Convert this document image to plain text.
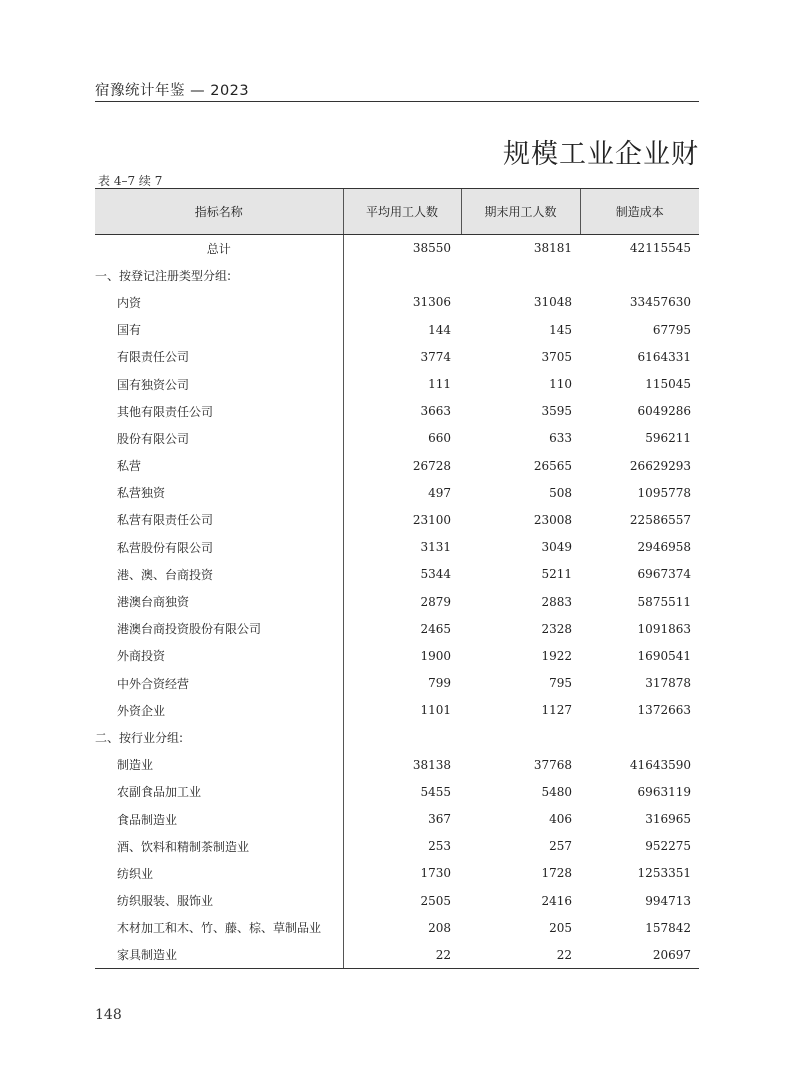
宿豫统计年鉴 — 2023
规模工业企业财
表 4–7 续 7
指标名称	平均用工人数	期末用工人数	制造成本
总计	38550	38181	42115545
一、按登记注册类型分组:			
内资	31306	31048	33457630
国有	144	145	67795
有限责任公司	3774	3705	6164331
国有独资公司	111	110	115045
其他有限责任公司	3663	3595	6049286
股份有限公司	660	633	596211
私营	26728	26565	26629293
私营独资	497	508	1095778
私营有限责任公司	23100	23008	22586557
私营股份有限公司	3131	3049	2946958
港、澳、台商投资	5344	5211	6967374
港澳台商独资	2879	2883	5875511
港澳台商投资股份有限公司	2465	2328	1091863
外商投资	1900	1922	1690541
中外合资经营	799	795	317878
外资企业	1101	1127	1372663
二、按行业分组:			
制造业	38138	37768	41643590
农副食品加工业	5455	5480	6963119
食品制造业	367	406	316965
酒、饮料和精制茶制造业	253	257	952275
纺织业	1730	1728	1253351
纺织服装、服饰业	2505	2416	994713
木材加工和木、竹、藤、棕、草制品业	208	205	157842
家具制造业	22	22	20697
148
